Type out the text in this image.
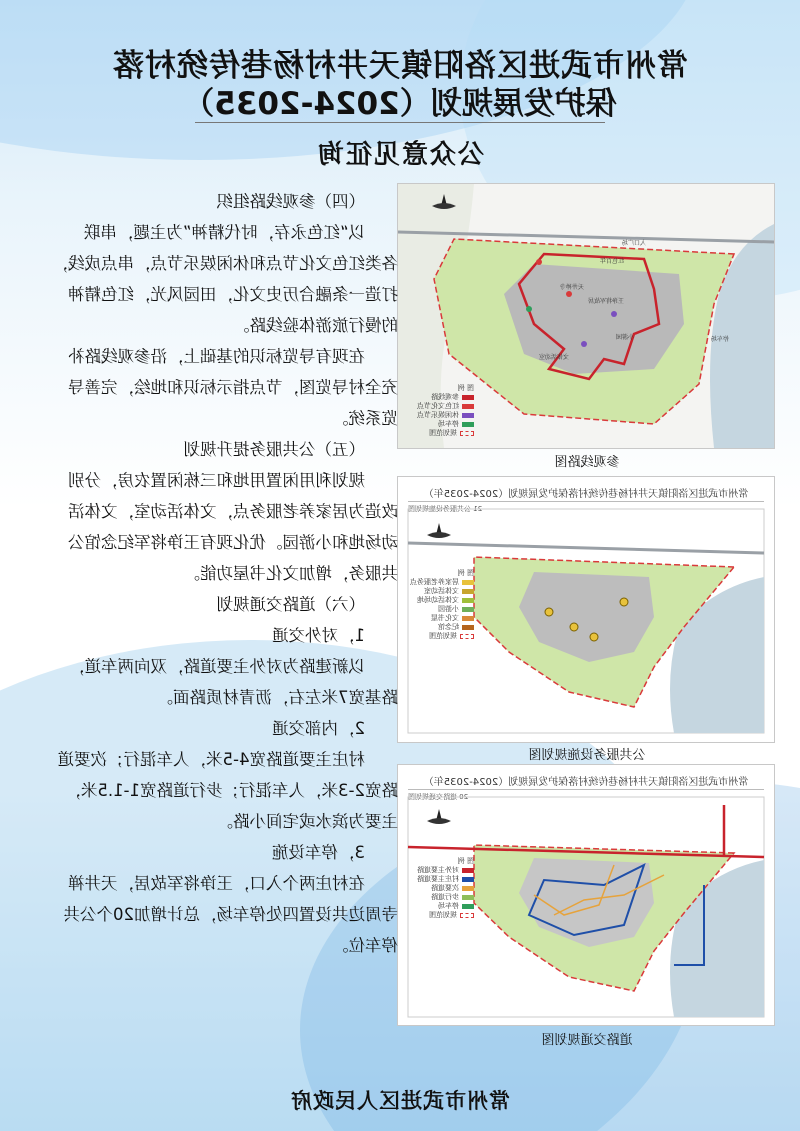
常州市武进区洛阳镇天井村杨巷传统村落
保护发展规划（2024-2035）
公众意见征询
入口广场
红色百年
天井禅寺
王诤将军故居
停车场
小游园
文体活动室
图 例
参观线路
红色文化节点
休闲娱乐节点
停车场
规划范围
参观线路图
常州市武进区洛阳镇天井村杨巷传统村落保护发展规划（2024-2035年）
21 公共服务设施规划图
图 例
居家养老服务点
文体活动室
文体活动场地
小游园
文化书屋
纪念馆
规划范围
公共服务设施规划图
常州市武进区洛阳镇天井村杨巷传统村落保护发展规划（2024-2035年）
20 道路交通规划图
图 例
对外主要道路
村庄主要道路
次要道路
步行道路
停车场
规划范围
道路交通规划图
（四）参观线路组织
以“红色永存，时代精神”为主题，串联
各类红色文化节点和休闲娱乐节点，串点成线，
打造一条融合历史文化，田园风光，红色精神
的慢行旅游体验线路。
在现有导览标识的基础上，沿参观线路补
充全村导览图，节点指示标识和地绘，完善导
览系统。
（五）公共服务提升规划
规划利用闲置用地和三栋闲置农房，分别
改造为居家养老服务点，文体活动室，文体活
动场地和小游园。优化现有王诤将军纪念馆公
共服务，增加文化书屋功能。
（六）道路交通规划
1，对外交通
以新建路为对外主要道路，双向两车道，
路基宽7米左右，沥青材质路面。
2，内部交通
村庄主要道路宽4-5米，人车混行；次要道
路宽2-3米，人车混行；步行道路宽1-1.5米，
主要为滨水或宅间小路。
3，停车设施
在村庄两个入口，王诤将军故居，天井禅
寺周边共设置四处停车场，总计增加20个公共
停车位。
常州市武进区人民政府
